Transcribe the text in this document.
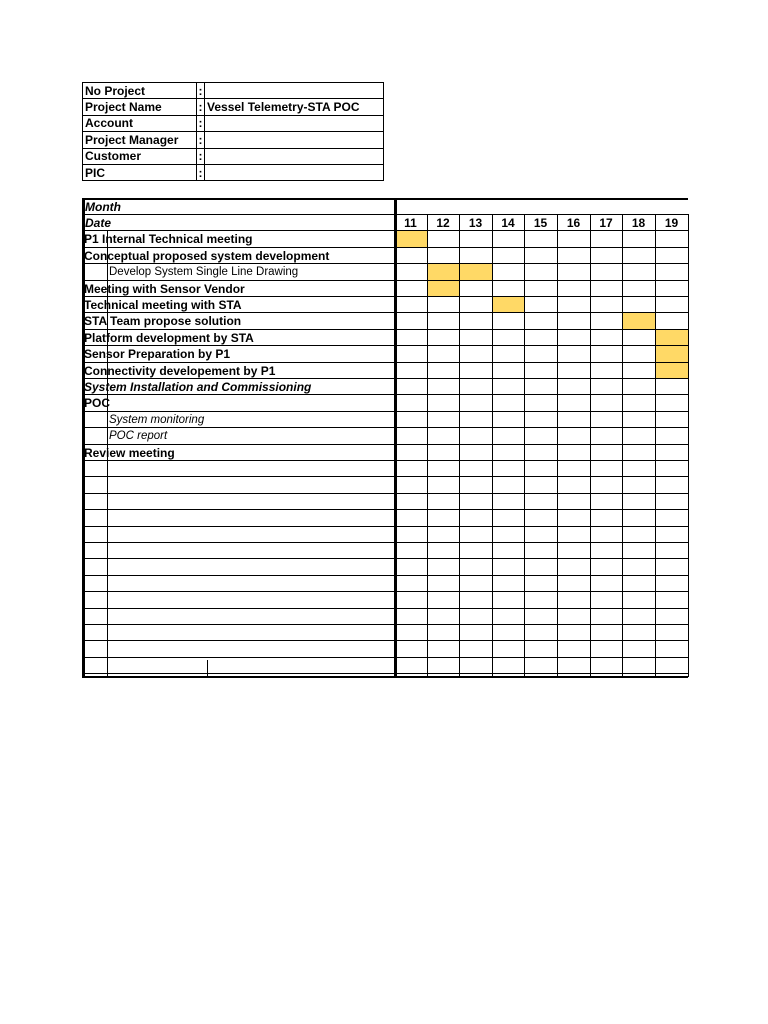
No Project	:	
Project Name	:	Vessel Telemetry-STA POC
Account	:	
Project Manager	:	
Customer	:	
PIC	:	
Month
Date	11	12	13	14	15	16	17	18	19
P1 Internal Technical meeting
Conceptual proposed system development
Develop System Single Line Drawing
Meeting with Sensor Vendor
Technical meeting with STA
STA Team propose solution
Platform development by STA
Sensor Preparation by P1
Connectivity developement by P1
System Installation and Commissioning
POC
System monitoring
POC report
Review meeting
